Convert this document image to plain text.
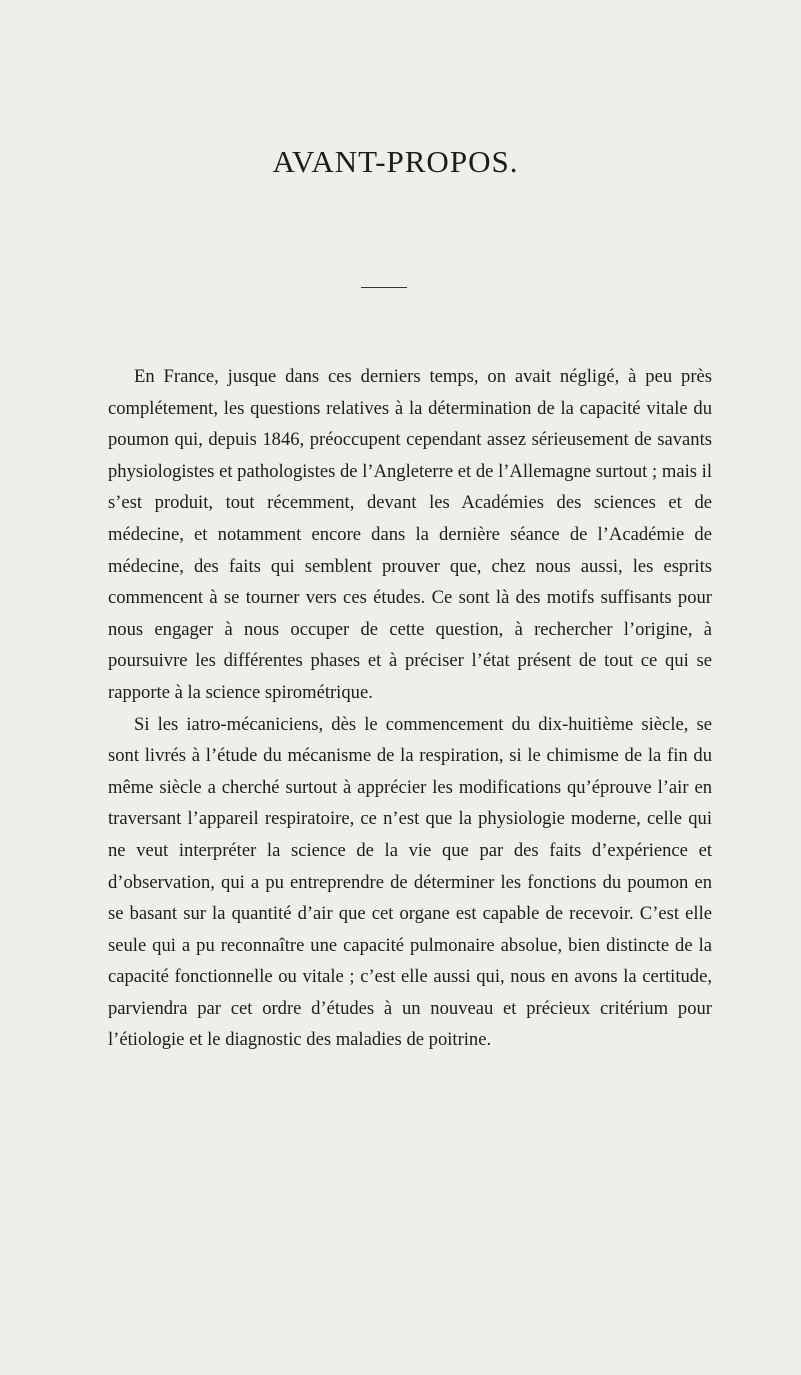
AVANT-PROPOS.

En France, jusque dans ces derniers temps, on avait négligé, à peu près complétement, les questions relatives à la détermination de la capacité vitale du poumon qui, depuis 1846, préoccupent cependant assez sérieusement de savants physiologistes et pathologistes de l’Angleterre et de l’Allemagne surtout ; mais il s’est produit, tout récemment, devant les Académies des sciences et de médecine, et notamment encore dans la dernière séance de l’Académie de médecine, des faits qui semblent prouver que, chez nous aussi, les esprits commencent à se tourner vers ces études. Ce sont là des motifs suffisants pour nous engager à nous occuper de cette question, à rechercher l’origine, à poursuivre les différentes phases et à préciser l’état présent de tout ce qui se rapporte à la science spirométrique.

Si les iatro-mécaniciens, dès le commencement du dix-huitième siècle, se sont livrés à l’étude du mécanisme de la respiration, si le chimisme de la fin du même siècle a cherché surtout à apprécier les modifications qu’éprouve l’air en traversant l’appareil respiratoire, ce n’est que la physiologie moderne, celle qui ne veut interpréter la science de la vie que par des faits d’expérience et d’observation, qui a pu entreprendre de déterminer les fonctions du poumon en se basant sur la quantité d’air que cet organe est capable de recevoir. C’est elle seule qui a pu reconnaître une capacité pulmonaire absolue, bien distincte de la capacité fonctionnelle ou vitale ; c’est elle aussi qui, nous en avons la certitude, parviendra par cet ordre d’études à un nouveau et précieux critérium pour l’étiologie et le diagnostic des maladies de poitrine.
